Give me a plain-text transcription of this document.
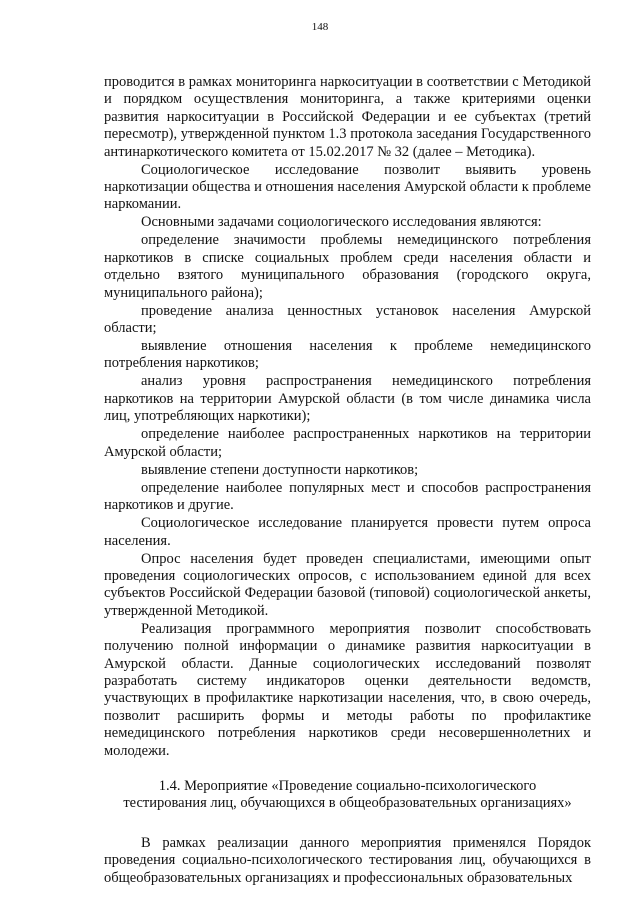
148

проводится в рамках мониторинга наркоситуации в соответствии с Методикой и порядком осуществления мониторинга, а также критериями оценки развития наркоситуации в Российской Федерации и ее субъектах (третий пересмотр), утвержденной пунктом 1.3 протокола заседания Государственного антинаркотического комитета от 15.02.2017 № 32 (далее – Методика).

Социологическое исследование позволит выявить уровень наркотизации общества и отношения населения Амурской области к проблеме наркомании.

Основными задачами социологического исследования являются:

определение значимости проблемы немедицинского потребления наркотиков в списке социальных проблем среди населения области и отдельно взятого муниципального образования (городского округа, муниципального района);

проведение анализа ценностных установок населения Амурской области;

выявление отношения населения к проблеме немедицинского потребления наркотиков;

анализ уровня распространения немедицинского потребления наркотиков на территории Амурской области (в том числе динамика числа лиц, употребляющих наркотики);

определение наиболее распространенных наркотиков на территории Амурской области;

выявление степени доступности наркотиков;

определение наиболее популярных мест и способов распространения наркотиков и другие.

Социологическое исследование планируется провести путем опроса населения.

Опрос населения будет проведен специалистами, имеющими опыт проведения социологических опросов, с использованием единой для всех субъектов Российской Федерации базовой (типовой) социологической анкеты, утвержденной Методикой.

Реализация программного мероприятия позволит способствовать получению полной информации о динамике развития наркоситуации в Амурской области. Данные социологических исследований позволят разработать систему индикаторов оценки деятельности ведомств, участвующих в профилактике наркотизации населения, что, в свою очередь, позволит расширить формы и методы работы по профилактике немедицинского потребления наркотиков среди несовершеннолетних и молодежи.

1.4. Мероприятие «Проведение социально-психологического
тестирования лиц, обучающихся в общеобразовательных организациях»

В рамках реализации данного мероприятия применялся Порядок проведения социально-психологического тестирования лиц, обучающихся в общеобразовательных организациях и профессиональных образовательных
